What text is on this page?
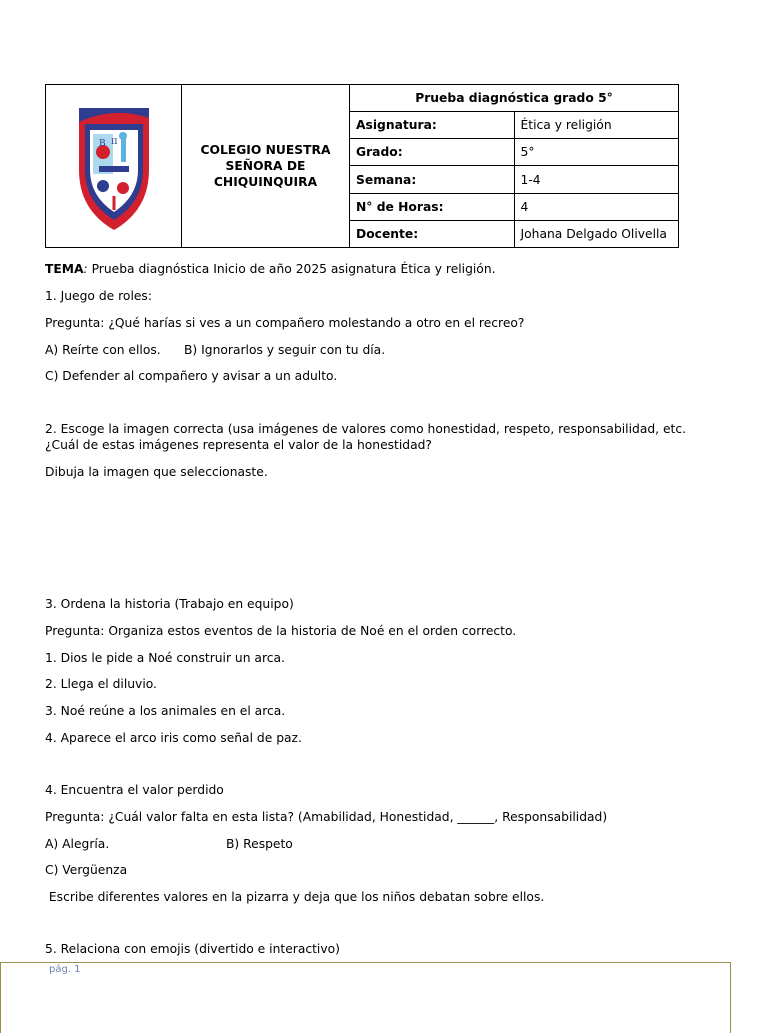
B π	COLEGIO NUESTRA SEÑORA DE CHIQUINQUIRA	Prueba diagnóstica grado 5°	
		Asignatura:	Ética y religión
		Grado:	5°
		Semana:	1-4
		N° de Horas:	4
		Docente:	Johana Delgado Olivella
TEMA: Prueba diagnóstica Inicio de año 2025 asignatura Ética y religión.
1. Juego de roles:
Pregunta: ¿Qué harías si ves a un compañero molestando a otro en el recreo?
A) Reírte con ellos. B) Ignorarlos y seguir con tu día.
C) Defender al compañero y avisar a un adulto.
2. Escoge la imagen correcta (usa imágenes de valores como honestidad, respeto, responsabilidad, etc.
¿Cuál de estas imágenes representa el valor de la honestidad?
Dibuja la imagen que seleccionaste.
3. Ordena la historia (Trabajo en equipo)
Pregunta: Organiza estos eventos de la historia de Noé en el orden correcto.
1. Dios le pide a Noé construir un arca.
2. Llega el diluvio.
3. Noé reúne a los animales en el arca.
4. Aparece el arco iris como señal de paz.
4. Encuentra el valor perdido
Pregunta: ¿Cuál valor falta en esta lista? (Amabilidad, Honestidad, ______, Responsabilidad)
A) Alegría.	B) Respeto
C) Vergüenza
Escribe diferentes valores en la pizarra y deja que los niños debatan sobre ellos.
5. Relaciona con emojis (divertido e interactivo)
pág. 1
